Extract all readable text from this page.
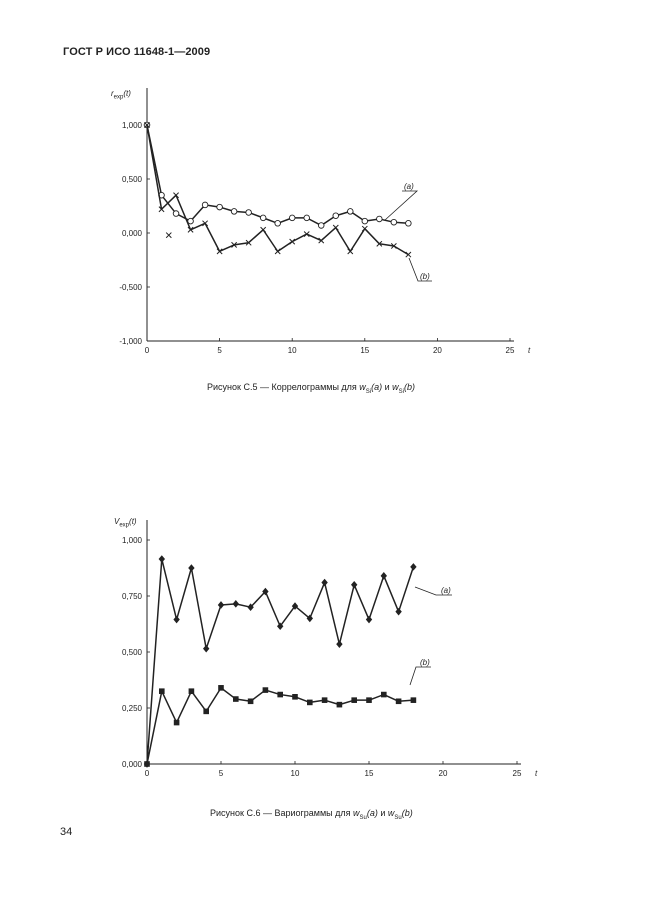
ГОСТ Р ИСО 11648-1—2009
1,000
0,500
0,000
-0,500
-1,000
0	5	10	15	20	25 t
$r_{exp}(t)$
(a)
(b)
1,000
0,750
0,500
0,250
0,000
0	5	10	15	20	25 t
$V_{exp}(t)$
(a)
(b)
Рисунок С.5 — Коррелограммы для $w_{Si}(a)$ и $w_{Si}(b)$
Рисунок С.6 — Вариограммы для $w_{Su}(a)$ и $w_{Su}(b)$
34
